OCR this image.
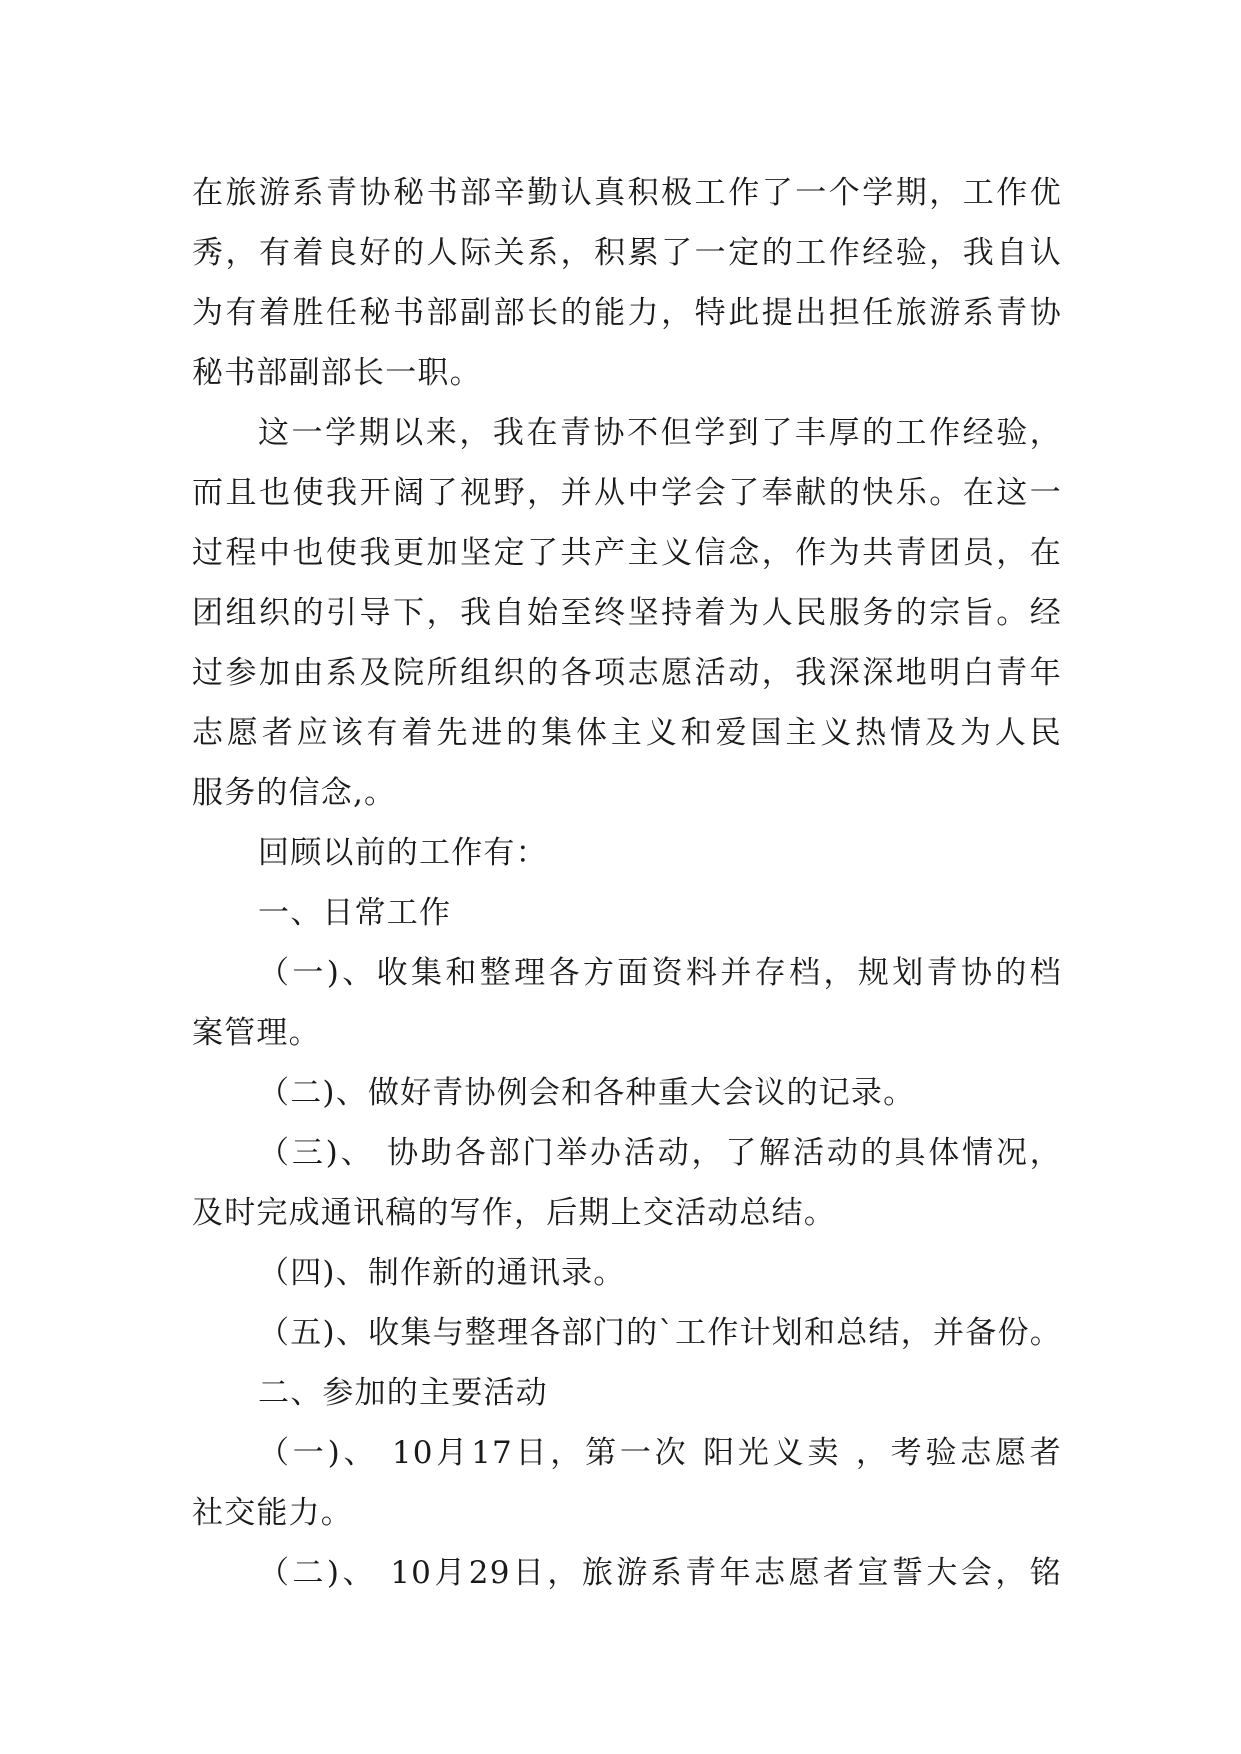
在旅游系青协秘书部辛勤认真积极工作了一个学期，工作优
秀，有着良好的人际关系，积累了一定的工作经验，我自认
为有着胜任秘书部副部长的能力，特此提出担任旅游系青协
秘书部副部长一职。
这一学期以来，我在青协不但学到了丰厚的工作经验，
而且也使我开阔了视野，并从中学会了奉献的快乐。在这一
过程中也使我更加坚定了共产主义信念，作为共青团员，在
团组织的引导下，我自始至终坚持着为人民服务的宗旨。经
过参加由系及院所组织的各项志愿活动，我深深地明白青年
志愿者应该有着先进的集体主义和爱国主义热情及为人民
服务的信念,。
回顾以前的工作有：
一、日常工作
（一)、收集和整理各方面资料并存档，规划青协的档
案管理。
（二)、做好青协例会和各种重大会议的记录。
（三)、 协助各部门举办活动，了解活动的具体情况，
及时完成通讯稿的写作，后期上交活动总结。
（四)、制作新的通讯录。
（五)、收集与整理各部门的`工作计划和总结，并备份。
二、参加的主要活动
（一)、 10月17日，第一次 阳光义卖 ，考验志愿者
社交能力。
（二)、 10月29日，旅游系青年志愿者宣誓大会，铭
